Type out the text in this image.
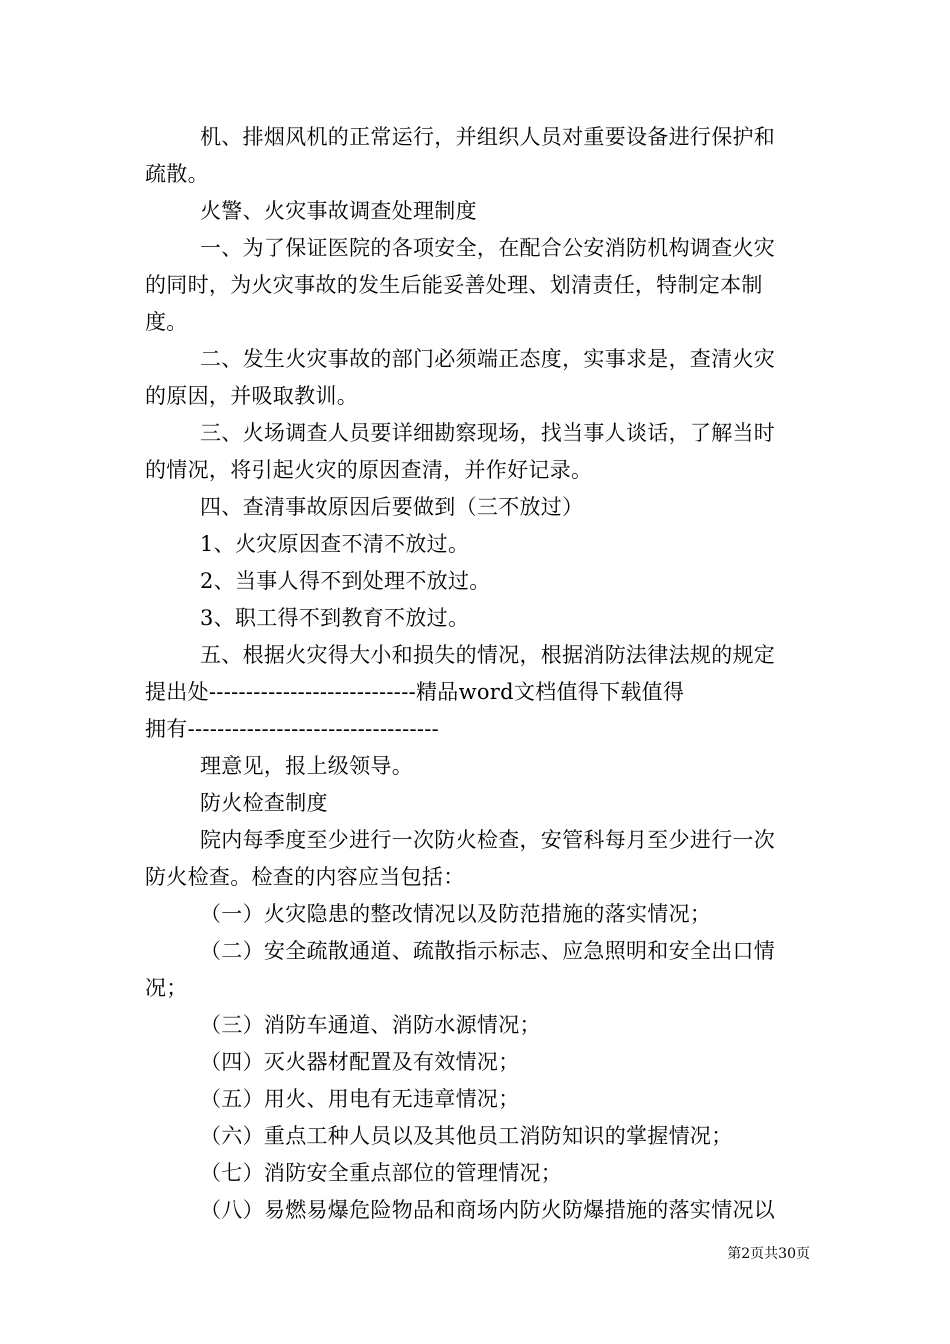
机、排烟风机的正常运行，并组织人员对重要设备进行保护和
疏散。
火警、火灾事故调查处理制度
一、为了保证医院的各项安全，在配合公安消防机构调查火灾
的同时，为火灾事故的发生后能妥善处理、划清责任，特制定本制
度。
二、发生火灾事故的部门必须端正态度，实事求是，查清火灾
的原因，并吸取教训。
三、火场调查人员要详细勘察现场，找当事人谈话，了解当时
的情况，将引起火灾的原因查清，并作好记录。
四、查清事故原因后要做到（三不放过）
1、火灾原因查不清不放过。
2、当事人得不到处理不放过。
3、职工得不到教育不放过。
五、根据火灾得大小和损失的情况，根据消防法律法规的规定
提出处----------------------------精品word文档值得下载值得
拥有----------------------------------
理意见，报上级领导。
防火检查制度
院内每季度至少进行一次防火检查，安管科每月至少进行一次
防火检查。检查的内容应当包括：
（一）火灾隐患的整改情况以及防范措施的落实情况；
（二）安全疏散通道、疏散指示标志、应急照明和安全出口情
况；
（三）消防车通道、消防水源情况；
（四）灭火器材配置及有效情况；
（五）用火、用电有无违章情况；
（六）重点工种人员以及其他员工消防知识的掌握情况；
（七）消防安全重点部位的管理情况；
（八）易燃易爆危险物品和商场内防火防爆措施的落实情况以
第2页共30页
